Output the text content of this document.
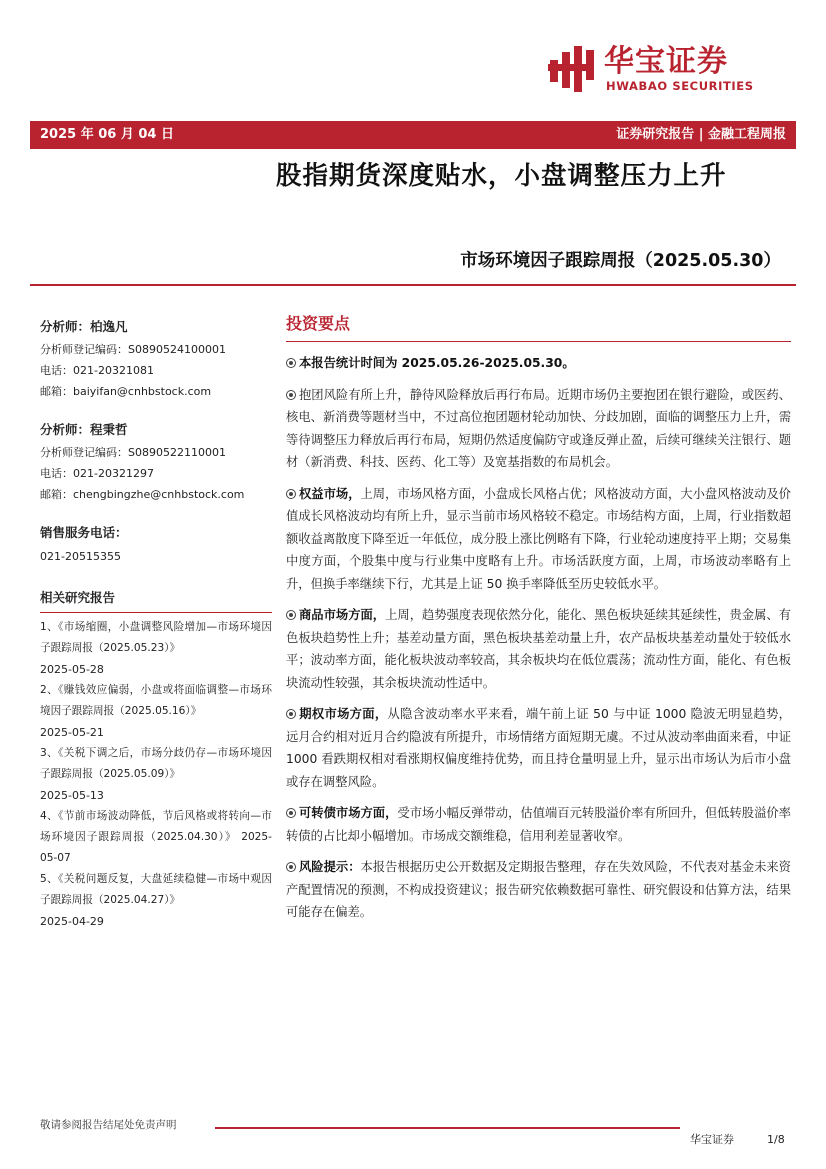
华宝证券
HWABAO SECURITIES
2025 年 06 月 04 日	证券研究报告 | 金融工程周报
股指期货深度贴水，小盘调整压力上升
市场环境因子跟踪周报（2025.05.30）
分析师：柏逸凡
分析师登记编码：S0890524100001
电话：021-20321081
邮箱：baiyifan@cnhbstock.com
分析师：程秉哲
分析师登记编码：S0890522110001
电话：021-20321297
邮箱：chengbingzhe@cnhbstock.com
销售服务电话：
021-20515355
相关研究报告
1、《市场缩圈，小盘调整风险增加—市场环境因子跟踪周报（2025.05.23）》
2025-05-28
2、《赚钱效应偏弱，小盘或将面临调整—市场环境因子跟踪周报（2025.05.16）》
2025-05-21
3、《关税下调之后，市场分歧仍存—市场环境因子跟踪周报（2025.05.09）》
2025-05-13
4、《节前市场波动降低，节后风格或将转向—市场环境因子跟踪周报（2025.04.30）》 2025-05-07
5、《关税问题反复，大盘延续稳健—市场中观因子跟踪周报（2025.04.27）》
2025-04-29
投资要点
本报告统计时间为 2025.05.26-2025.05.30。
抱团风险有所上升，静待风险释放后再行布局。近期市场仍主要抱团在银行避险，或医药、核电、新消费等题材当中，不过高位抱团题材轮动加快、分歧加剧，面临的调整压力上升，需等待调整压力释放后再行布局，短期仍然适度偏防守或逢反弹止盈，后续可继续关注银行、题材（新消费、科技、医药、化工等）及宽基指数的布局机会。
权益市场，上周，市场风格方面，小盘成长风格占优；风格波动方面，大小盘风格波动及价值成长风格波动均有所上升，显示当前市场风格较不稳定。市场结构方面，上周，行业指数超额收益离散度下降至近一年低位，成分股上涨比例略有下降，行业轮动速度持平上期；交易集中度方面，个股集中度与行业集中度略有上升。市场活跃度方面，上周，市场波动率略有上升，但换手率继续下行，尤其是上证 50 换手率降低至历史较低水平。
商品市场方面，上周，趋势强度表现依然分化，能化、黑色板块延续其延续性，贵金属、有色板块趋势性上升；基差动量方面，黑色板块基差动量上升，农产品板块基差动量处于较低水平；波动率方面，能化板块波动率较高，其余板块均在低位震荡；流动性方面，能化、有色板块流动性较强，其余板块流动性适中。
期权市场方面，从隐含波动率水平来看，端午前上证 50 与中证 1000 隐波无明显趋势，远月合约相对近月合约隐波有所提升，市场情绪方面短期无虞。不过从波动率曲面来看，中证 1000 看跌期权相对看涨期权偏度维持优势，而且持仓量明显上升，显示出市场认为后市小盘或存在调整风险。
可转债市场方面，受市场小幅反弹带动，估值端百元转股溢价率有所回升，但低转股溢价率转债的占比却小幅增加。市场成交额维稳，信用利差显著收窄。
风险提示：本报告根据历史公开数据及定期报告整理，存在失效风险，不代表对基金未来资产配置情况的预测，不构成投资建议；报告研究依赖数据可靠性、研究假设和估算方法，结果可能存在偏差。
敬请参阅报告结尾处免责声明
华宝证券	1/8
